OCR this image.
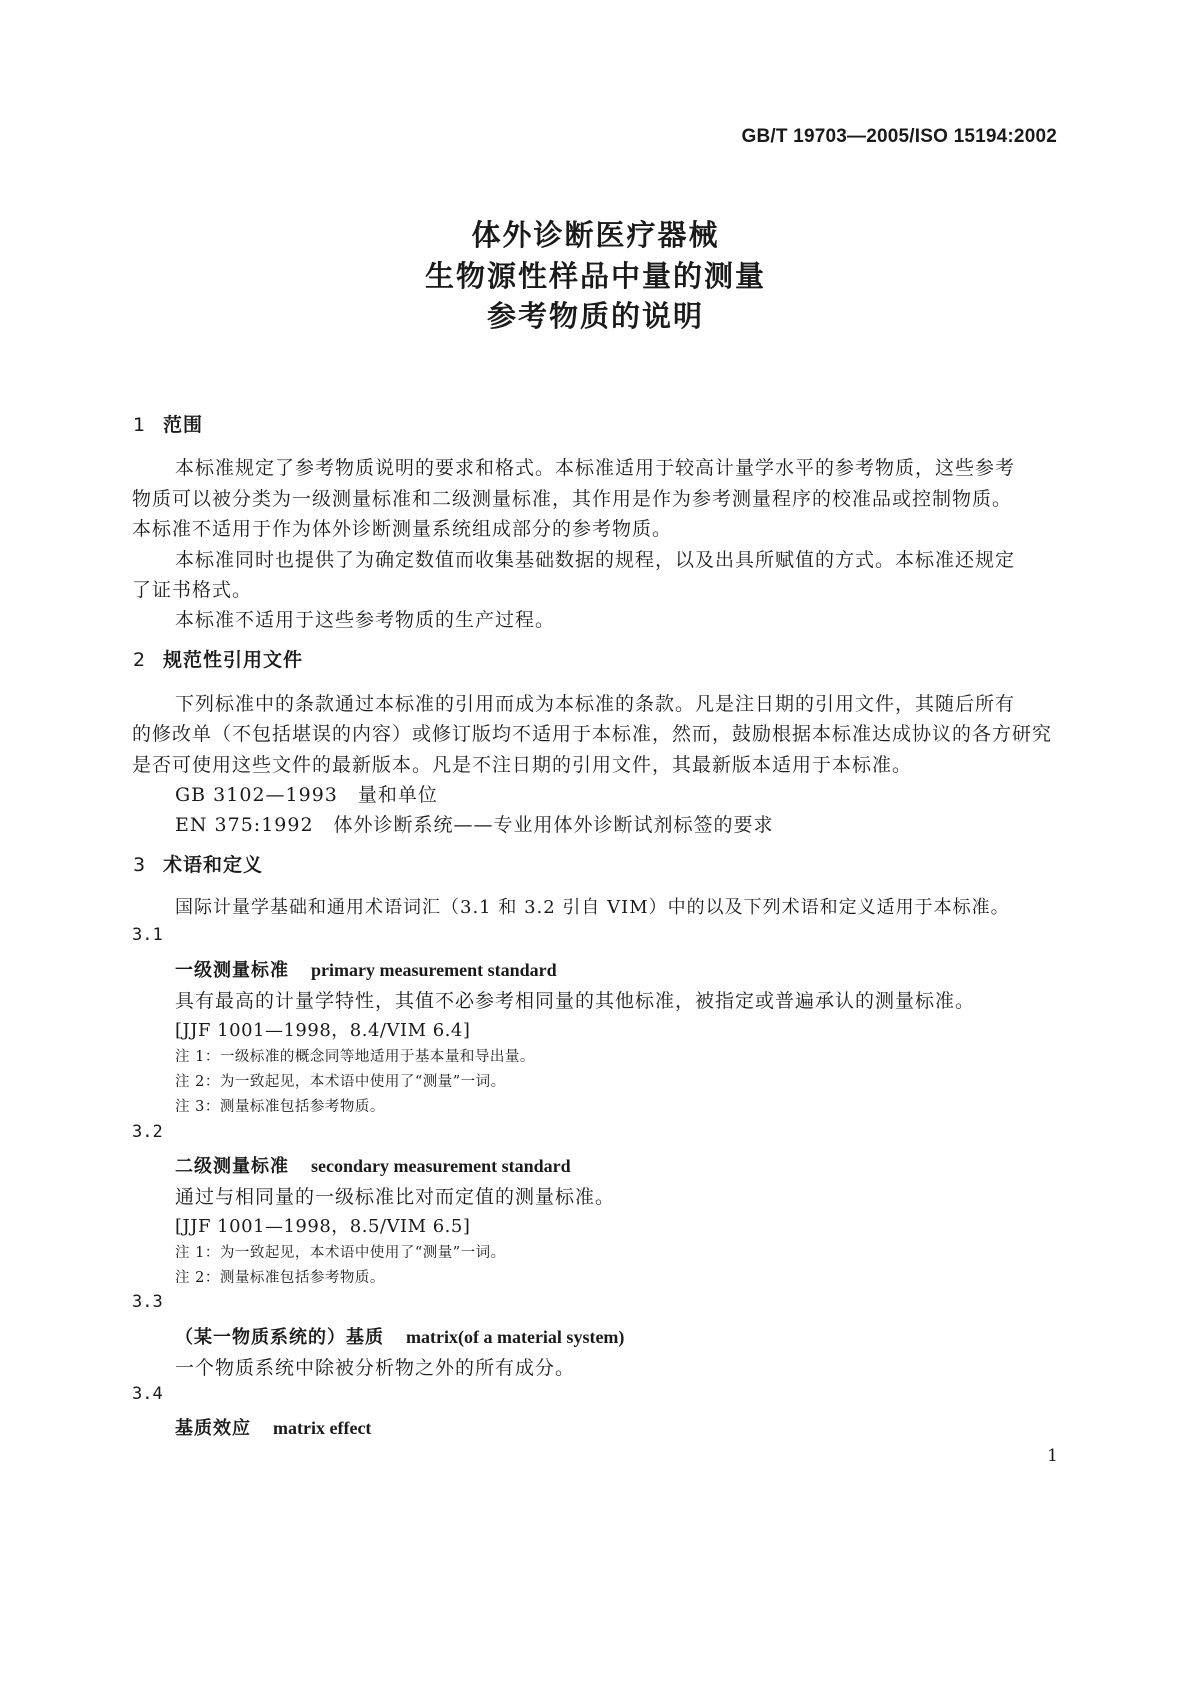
GB/T 19703—2005/ISO 15194:2002
体外诊断医疗器械
生物源性样品中量的测量
参考物质的说明
1 范围
本标准规定了参考物质说明的要求和格式。本标准适用于较高计量学水平的参考物质，这些参考
物质可以被分类为一级测量标准和二级测量标准，其作用是作为参考测量程序的校准品或控制物质。
本标准不适用于作为体外诊断测量系统组成部分的参考物质。
本标准同时也提供了为确定数值而收集基础数据的规程，以及出具所赋值的方式。本标准还规定
了证书格式。
本标准不适用于这些参考物质的生产过程。
2 规范性引用文件
下列标准中的条款通过本标准的引用而成为本标准的条款。凡是注日期的引用文件，其随后所有
的修改单（不包括堪误的内容）或修订版均不适用于本标准，然而，鼓励根据本标准达成协议的各方研究
是否可使用这些文件的最新版本。凡是不注日期的引用文件，其最新版本适用于本标准。
GB 3102—1993　量和单位
EN 375:1992　体外诊断系统——专业用体外诊断试剂标签的要求
3 术语和定义
国际计量学基础和通用术语词汇（3.1 和 3.2 引自 VIM）中的以及下列术语和定义适用于本标准。
3.1
一级测量标准 primary measurement standard
具有最高的计量学特性，其值不必参考相同量的其他标准，被指定或普遍承认的测量标准。
[JJF 1001—1998，8.4/VIM 6.4]
注 1：一级标准的概念同等地适用于基本量和导出量。
注 2：为一致起见，本术语中使用了“测量”一词。
注 3：测量标准包括参考物质。
3.2
二级测量标准 secondary measurement standard
通过与相同量的一级标准比对而定值的测量标准。
[JJF 1001—1998，8.5/VIM 6.5]
注 1：为一致起见，本术语中使用了“测量”一词。
注 2：测量标准包括参考物质。
3.3
（某一物质系统的）基质 matrix(of a material system)
一个物质系统中除被分析物之外的所有成分。
3.4
基质效应 matrix effect
1
